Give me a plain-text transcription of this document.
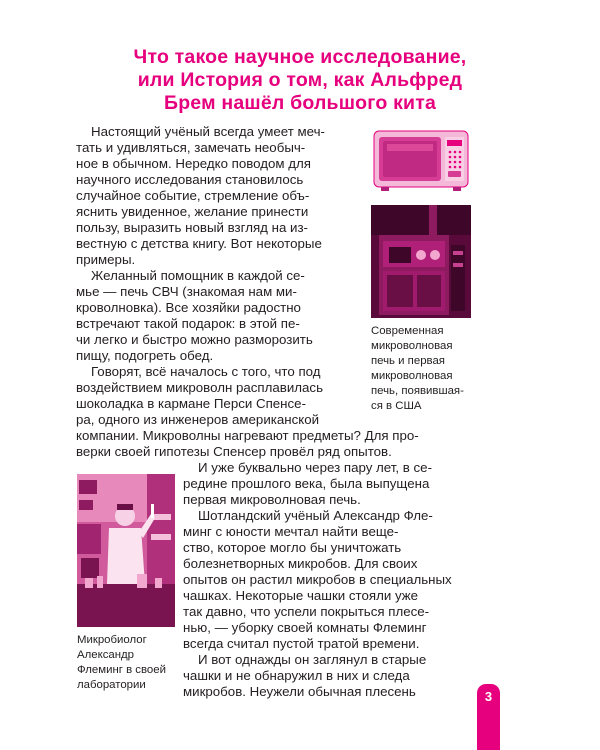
Что такое научное исследование,
или История о том, как Альфред
Брем нашёл большого кита
Настоящий учёный всегда умеет меч-
тать и удивляться, замечать необыч-
ное в обычном. Нередко поводом для
научного исследования становилось
случайное событие, стремление объ-
яснить увиденное, желание принести
пользу, выразить новый взгляд на из-
вестную с детства книгу. Вот некоторые
примеры.
Желанный помощник в каждой се-
мье — печь СВЧ (знакомая нам ми-
кроволновка). Все хозяйки радостно
встречают такой подарок: в этой пе-
чи легко и быстро можно разморозить
пищу, подогреть обед.
Говорят, всё началось с того, что под
воздействием микроволн расплавилась
шоколадка в кармане Перси Спенсе-
ра, одного из инженеров американской
компании. Микроволны нагревают предметы? Для про-
верки своей гипотезы Спенсер провёл ряд опытов.
И уже буквально через пару лет, в се-
редине прошлого века, была выпущена
первая микроволновая печь.
Шотландский учёный Александр Фле-
минг с юности мечтал найти веще-
ство, которое могло бы уничтожать
болезнетворных микробов. Для своих
опытов он растил микробов в специальных
чашках. Некоторые чашки стояли уже
так давно, что успели покрыться плесе-
нью, — уборку своей комнаты Флеминг
всегда считал пустой тратой времени.
И вот однажды он заглянул в старые
чашки и не обнаружил в них и следа
микробов. Неужели обычная плесень
Современная
микроволновая
печь и первая
микроволновая
печь, появившая-
ся в США
Микробиолог
Александр
Флеминг в своей
лаборатории
3
